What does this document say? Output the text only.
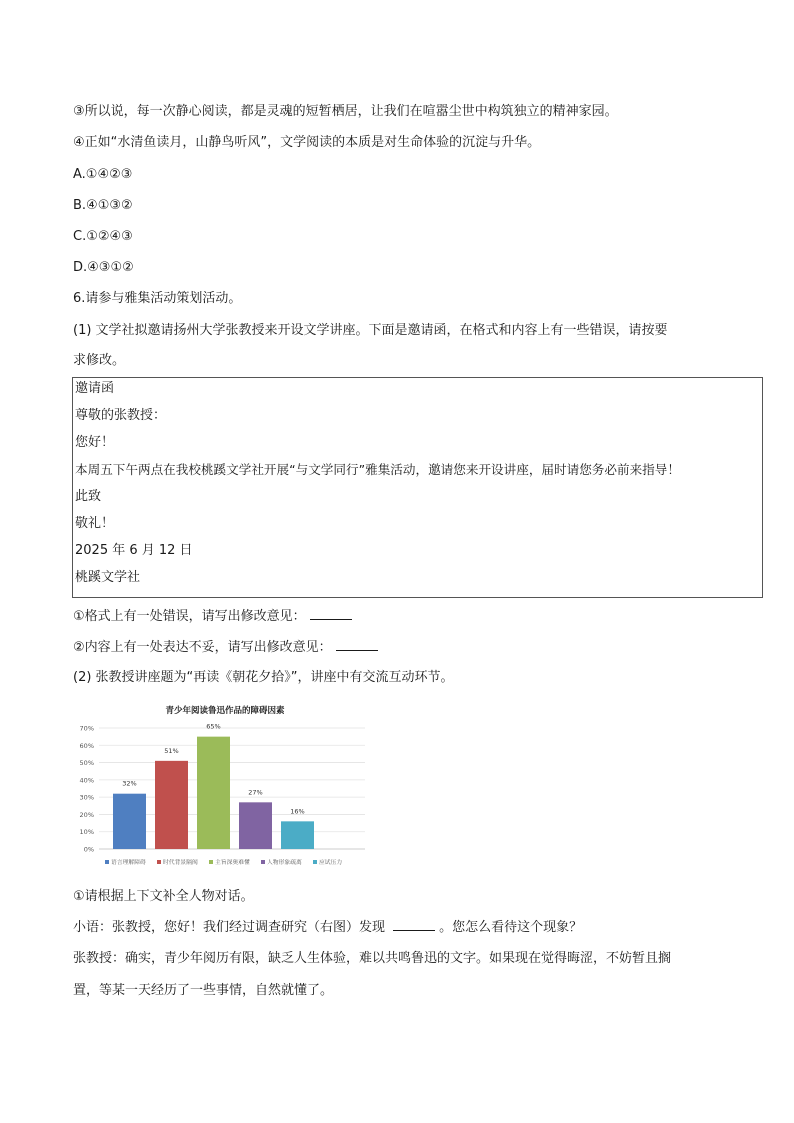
③所以说，每一次静心阅读，都是灵魂的短暂栖居，让我们在喧嚣尘世中构筑独立的精神家园。
④正如“水清鱼读月，山静鸟听风”，文学阅读的本质是对生命体验的沉淀与升华。
A.①④②③
B.④①③②
C.①②④③
D.④③①②
6.请参与雅集活动策划活动。
(1) 文学社拟邀请扬州大学张教授来开设文学讲座。下面是邀请函，在格式和内容上有一些错误，请按要
求修改。
邀请函
尊敬的张教授：
您好！
本周五下午两点在我校桃蹊文学社开展“与文学同行”雅集活动，邀请您来开设讲座，届时请您务必前来指导！
此致
敬礼！
2025 年 6 月 12 日
桃蹊文学社
①格式上有一处错误，请写出修改意见：
②内容上有一处表达不妥，请写出修改意见：
(2) 张教授讲座题为“再读《朝花夕拾》”，讲座中有交流互动环节。
青少年阅读鲁迅作品的障碍因素
0%
10%
20%
30%
40%
50%
60%
70%
32%
51%
65%
27%
16%
语言理解障碍	时代背景隔阂	主旨深奥难懂	人物形象疏离	应试压力
①请根据上下文补全人物对话。
小语：张教授，您好！我们经过调查研究（右图）发现	。您怎么看待这个现象？
张教授：确实，青少年阅历有限，缺乏人生体验，难以共鸣鲁迅的文字。如果现在觉得晦涩，不妨暂且搁
置，等某一天经历了一些事情，自然就懂了。
